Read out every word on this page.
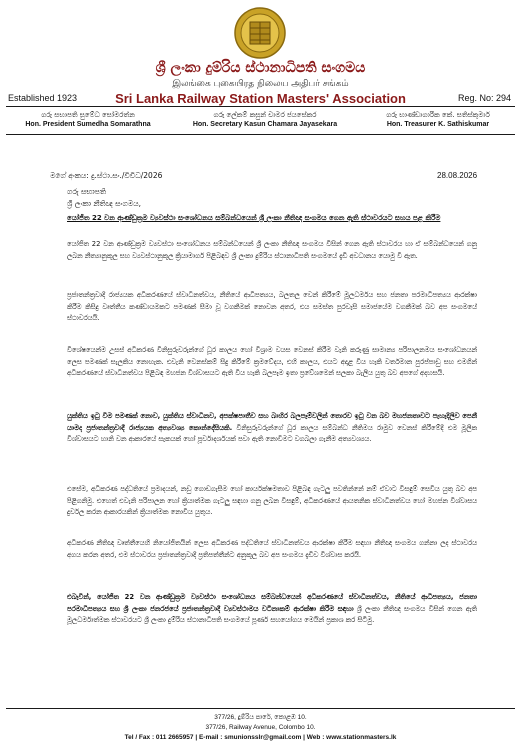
ශ්‍රී ලංකා දුම්රිය ස්ථානාධිපති සංගමය
இலங்கை புகையிரத நிலைய அதிபர் சங்கம்
Established 1923	Sri Lanka Railway Station Masters' Association	Reg. No: 294
ගරු සභාපති සුමේධ සෝමරත්න
Hon. President Sumedha Somarathna
ගරු ලේකම් කසුන් චාමර ජයසේකර
Hon. Secretary Kasun Chamara Jayasekara
ගරු භාණ්ඩාගාරික කේ. සතිස්කුමාර්
Hon. Treasurer K. Sathiskumar
මගේ අංකය: දු.ස්ථා.සං./විවිධ/2026	28.08.2026
ගරු සභාපති
ශ්‍රී ලංකා නීතිඥ සංගමය,
යෝජිත 22 වන ආණ්ඩුක්‍රම ව්‍යවස්ථා සංශෝධනය සම්බන්ධයෙන් ශ්‍රී ලංකා නීතිඥ සංගමය ගෙන ඇති ස්ථාවරයට සහය පළ කිරීම
යෝජිත 22 වන ආණ්ඩුක්‍රම ව්‍යවස්ථා සංශෝධනය සම්බන්ධයෙන් ශ්‍රී ලංකා නීතිඥ සංගමය විසින් ගෙන ඇති ස්ථාවරය හා ඒ සම්බන්ධයෙන් ගනු ලබන නීත්‍යානුකූල සහ ව්‍යවස්ථානුකූල ක්‍රියාමාර්ග පිළිබඳව ශ්‍රී ලංකා දුම්රිය ස්ථානාධිපති සංගමයේ දැඩි අවධානය යොමු වී ඇත.
ප්‍රජාතන්ත්‍රවාදී රාජ්‍යයක අධිකරණයේ ස්වාධීනත්වය, නීතියේ ආධිපත්‍යය, බලතල වෙන් කිරීමේ මූලධර්මය සහ ජනතා පරමාධිපත්‍යය ආරක්ෂා කිරීම කිසිදු වෘත්තීය කණ්ඩායමකට පමණක් සීමා වූ වගකීමක් නොවන අතර, එය සමස්ත පුරවැසි සමාජයේම වගකීමක් බව අප සංගමයේ ස්ථාවරයයි.
විශේෂයෙන්ම උසස් අධිකරණ විනිසුරුවරුන්ගේ ධූර කාලය හෝ විශ්‍රාම වයස වෙනස් කිරීම වැනි කරුණු සාමාන්‍ය පරිපාලනමය සංශෝධනයන් ලෙස පමණක් සැලකිය නොහැක. එවැනි වෙනස්කම් සිදු කිරීමේ ක්‍රමවේදය, එහි කාලය, එයට අදාළ විය හැකි වර්තමාන පුරප්පාඩු සහ එමගින් අධිකරණයේ ස්වාධීනත්වය පිළිබඳ මහජන විශ්වාසයට ඇති විය හැකි බලපෑම ඉතා ප්‍රවේශමෙන් සලකා බැලිය යුතු බව අපගේ අදහසයි.
යුක්තිය ඉටු වීම පමණක් නොව, යුක්තිය ස්වාධීනව, අපක්ෂපාතීව සහ බාහිර බලපෑම්වලින් තොරව ඉටු වන බව මහජනතාවට පැහැදිලිව පෙනී යාමද ප්‍රජාතන්ත්‍රවාදී රාජ්‍යයක අත්‍යවශ්‍ය කොන්දේසියකි. විනිසුරුවරුන්ගේ ධූර කාලය සම්බන්ධ නීතිමය රාමුව වෙනස් කිරීමේදී එම මූලික විශ්වාසයට හානි වන ආකාරයේ සැකයක් හෝ පූර්වාදර්ශයක් පවා ඇති නොවීමට වගබලා ගැනීම අත්‍යවශ්‍යය.
එසේම, අධිකරණ පද්ධතියේ ප්‍රමාදයන්, නඩු ගොඩගැසීම හෝ කාර්යක්ෂමතාව පිළිබඳ ගැටලු පවතින්නේ නම් ඒවාට විසඳුම් සෙවිය යුතු බව අප පිළිගනිමු. එහෙත් එවැනි පරිපාලන හෝ ක්‍රියාත්මක ගැටලු සඳහා ගනු ලබන විසඳුම්, අධිකරණයේ ආයතනික ස්වාධීනත්වය හෝ මහජන විශ්වාසය දුර්වල කරන ආකාරයකින් ක්‍රියාත්මක නොවිය යුතුය.
අධිකරණ නීතිඥ වෘත්තීයෙහි නියෝජිතයින් ලෙස අධිකරණ පද්ධතියේ ස්වාධීනත්වය ආරක්ෂා කිරීම සඳහා නීතිඥ සංගමය ගන්නා ලද ස්ථාවරය අගය කරන අතර, එම ස්ථාවරය ප්‍රජාතන්ත්‍රවාදී ප්‍රතිපත්තීන්ට අනුකූල බව අප සංගමය දැඩිව විශ්වාස කරයි.
එබැවින්, යෝජිත 22 වන ආණ්ඩුක්‍රම ව්‍යවස්ථා සංශෝධනය සම්බන්ධයෙන් අධිකරණයේ ස්වාධීනත්වය, නීතියේ ආධිපත්‍යය, ජනතා පරමාධිපත්‍යය සහ ශ්‍රී ලංකා ජනරජයේ ප්‍රජාතන්ත්‍රවාදී ව්‍යවස්ථාමය වටිනාකම් ආරක්ෂා කිරීම සඳහා ශ්‍රී ලංකා නීතිඥ සංගමය විසින් ගෙන ඇති මූලධර්මාත්මක ස්ථාවරයට ශ්‍රී ලංකා දුම්රිය ස්ථානාධිපති සංගමයේ පූර්ණ සහයෝගය මෙයින් ප්‍රකාශ කර සිටිමු.
377/26, දුම්රිය පාරේ, කොළඹ 10.
377/26, Railway Avenue, Colombo 10.
Tel / Fax : 011 2665957 | E-mail : smunionsslr@gmail.com | Web : www.stationmasters.lk
